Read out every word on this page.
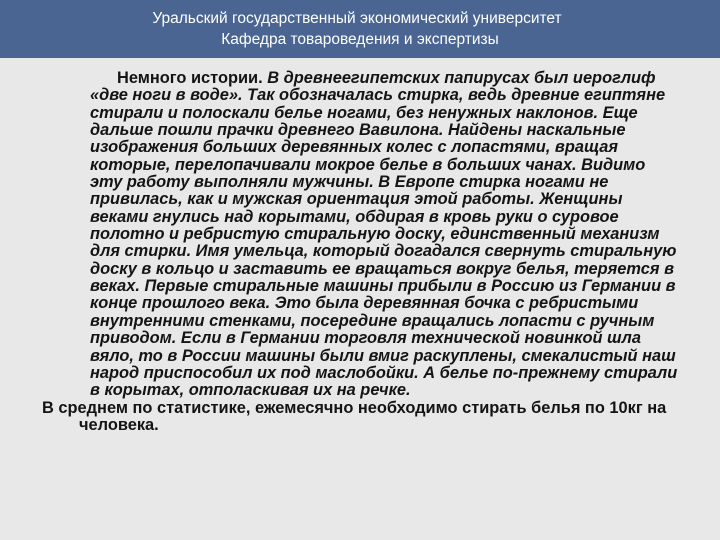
Уральский государственный экономический университет
Кафедра товароведения и экспертизы
Немного истории. В древнеегипетских папирусах был иероглиф «две ноги в воде». Так обозначалась стирка, ведь древние египтяне стирали и полоскали белье ногами, без ненужных наклонов. Еще дальше пошли прачки древнего Вавилона. Найдены наскальные изображения больших деревянных колес с лопастями, вращая которые, перелопачивали мокрое белье в больших чанах. Видимо эту работу выполняли мужчины. В Европе стирка ногами не привилась, как и мужская ориентация этой работы. Женщины веками гнулись над корытами, обдирая в кровь руки о суровое полотно и ребристую стиральную доску, единственный механизм для стирки. Имя умельца, который догадался свернуть стиральную доску в кольцо и заставить ее вращаться вокруг белья, теряется в веках. Первые стиральные машины прибыли в Россию из Германии в конце прошлого века. Это была деревянная бочка с ребристыми внутренними стенками, посередине вращались лопасти с ручным приводом. Если в Германии торговля технической новинкой шла вяло, то в России машины были вмиг раскуплены, смекалистый наш народ приспособил их под маслобойки. А белье по-прежнему стирали в корытах, отполаскивая их на речке.
В среднем по статистике, ежемесячно необходимо стирать белья по 10кг на человека.
